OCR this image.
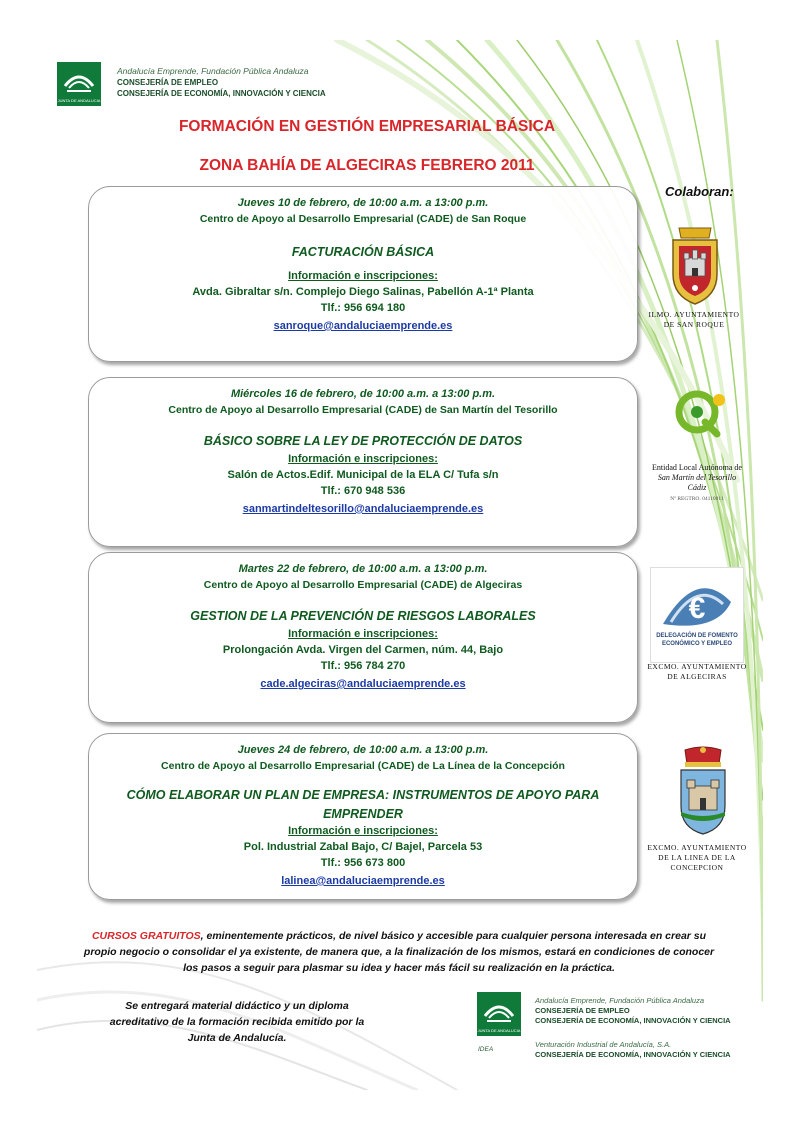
JUNTA DE ANDALUCIA
Andalucía Emprende, Fundación Pública Andaluza
CONSEJERÍA DE EMPLEO
CONSEJERÍA DE ECONOMÍA, INNOVACIÓN Y CIENCIA
FORMACIÓN EN GESTIÓN EMPRESARIAL BÁSICA
ZONA BAHÍA DE ALGECIRAS FEBRERO 2011
Colaboran:
Jueves 10 de febrero, de 10:00 a.m. a 13:00 p.m.
Centro de Apoyo al Desarrollo Empresarial (CADE) de San Roque
FACTURACIÓN BÁSICA
Información e inscripciones:
Avda. Gibraltar s/n. Complejo Diego Salinas, Pabellón A-1ª Planta
Tlf.: 956 694 180
sanroque@andaluciaemprende.es
Miércoles 16 de febrero, de 10:00 a.m. a 13:00 p.m.
Centro de Apoyo al Desarrollo Empresarial (CADE) de San Martín del Tesorillo
BÁSICO SOBRE LA LEY DE PROTECCIÓN DE DATOS
Información e inscripciones:
Salón de Actos.Edif. Municipal de la ELA C/ Tufa s/n
Tlf.: 670 948 536
sanmartindeltesorillo@andaluciaemprende.es
Martes 22 de febrero, de 10:00 a.m. a 13:00 p.m.
Centro de Apoyo al Desarrollo Empresarial (CADE) de Algeciras
GESTION DE LA PREVENCIÓN DE RIESGOS LABORALES
Información e inscripciones:
Prolongación Avda. Virgen del Carmen, núm. 44, Bajo
Tlf.: 956 784 270
cade.algeciras@andaluciaemprende.es
Jueves 24 de febrero, de 10:00 a.m. a 13:00 p.m.
Centro de Apoyo al Desarrollo Empresarial (CADE) de La Línea de la Concepción
CÓMO ELABORAR UN PLAN DE EMPRESA: INSTRUMENTOS DE APOYO PARA EMPRENDER
Información e inscripciones:
Pol. Industrial Zabal Bajo, C/ Bajel, Parcela 53
Tlf.: 956 673 800
lalinea@andaluciaemprende.es
ILMO. AYUNTAMIENTO
DE SAN ROQUE
Entidad Local Autónoma de
San Martín del Tesorillo
Cádiz
Nº REGTRO. 04110011
€
DELEGACIÓN DE FOMENTO
ECONÓMICO Y EMPLEO
EXCMO. AYUNTAMIENTO
DE ALGECIRAS
EXCMO. AYUNTAMIENTO
DE LA LINEA DE LA
CONCEPCION
CURSOS GRATUITOS, eminentemente prácticos, de nivel básico y accesible para cualquier persona interesada en crear su propio negocio o consolidar el ya existente, de manera que, a la finalización de los mismos, estará en condiciones de conocer los pasos a seguir para plasmar su idea y hacer más fácil su realización en la práctica.
Se entregará material didáctico y un diploma acreditativo de la formación recibida emitido por la Junta de Andalucía.
JUNTA DE ANDALUCIA
Andalucía Emprende, Fundación Pública Andaluza
CONSEJERÍA DE EMPLEO
CONSEJERÍA DE ECONOMÍA, INNOVACIÓN Y CIENCIA
IDEA
Venturación Industrial de Andalucía, S.A.
CONSEJERÍA DE ECONOMÍA, INNOVACIÓN Y CIENCIA
